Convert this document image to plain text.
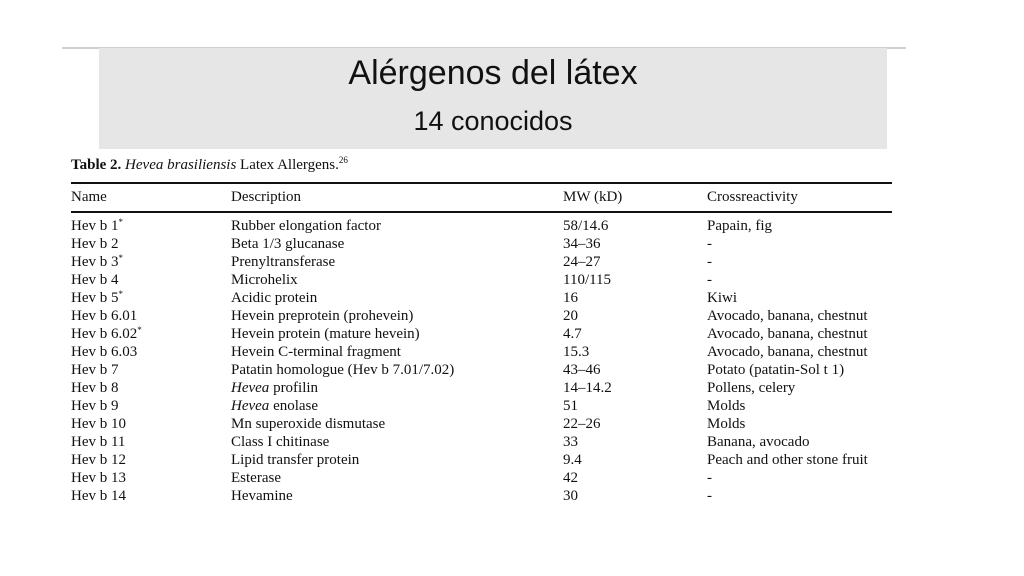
Alérgenos del látex
14 conocidos
Table 2. Hevea brasiliensis Latex Allergens.$^{26}$
Name	Description	MW (kD)	Crossreactivity
Hev b 1*	Rubber elongation factor	58/14.6	Papain, fig
Hev b 2	Beta 1/3 glucanase	34–36	-
Hev b 3*	Prenyltransferase	24–27	-
Hev b 4	Microhelix	110/115	-
Hev b 5*	Acidic protein	16	Kiwi
Hev b 6.01	Hevein preprotein (prohevein)	20	Avocado, banana, chestnut
Hev b 6.02*	Hevein protein (mature hevein)	4.7	Avocado, banana, chestnut
Hev b 6.03	Hevein C-terminal fragment	15.3	Avocado, banana, chestnut
Hev b 7	Patatin homologue (Hev b 7.01/7.02)	43–46	Potato (patatin-Sol t 1)
Hev b 8	Hevea profilin	14–14.2	Pollens, celery
Hev b 9	Hevea enolase	51	Molds
Hev b 10	Mn superoxide dismutase	22–26	Molds
Hev b 11	Class I chitinase	33	Banana, avocado
Hev b 12	Lipid transfer protein	9.4	Peach and other stone fruit
Hev b 13	Esterase	42	-
Hev b 14	Hevamine	30	-
